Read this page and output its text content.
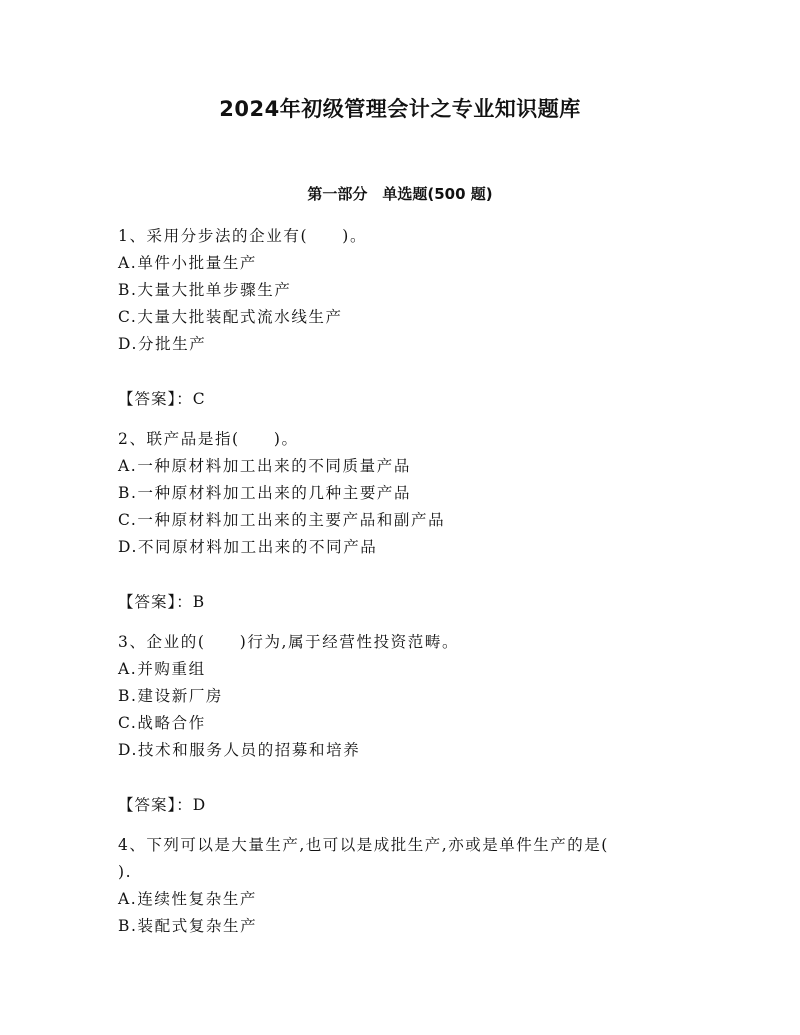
2024年初级管理会计之专业知识题库
第一部分　单选题(500 题)
1、采用分步法的企业有(　　)。
A.单件小批量生产
B.大量大批单步骤生产
C.大量大批装配式流水线生产
D.分批生产
【答案】：C
2、联产品是指(　　)。
A.一种原材料加工出来的不同质量产品
B.一种原材料加工出来的几种主要产品
C.一种原材料加工出来的主要产品和副产品
D.不同原材料加工出来的不同产品
【答案】：B
3、企业的(　　)行为,属于经营性投资范畴。
A.并购重组
B.建设新厂房
C.战略合作
D.技术和服务人员的招募和培养
【答案】：D
4、下列可以是大量生产,也可以是成批生产,亦或是单件生产的是(
).
A.连续性复杂生产
B.装配式复杂生产
